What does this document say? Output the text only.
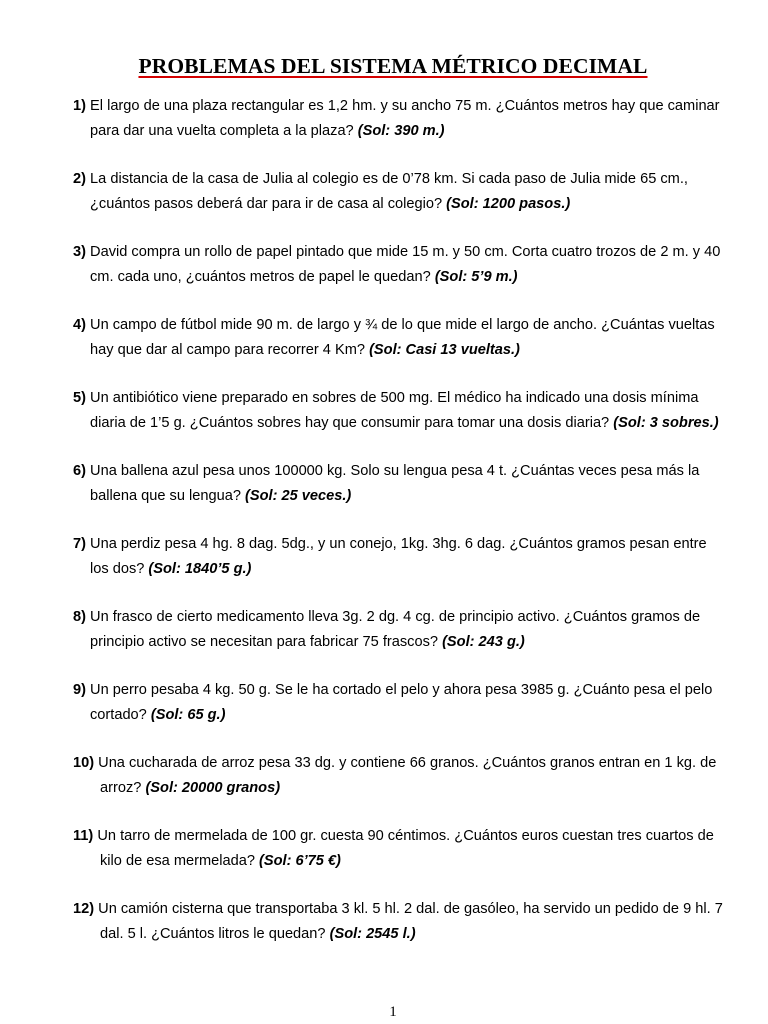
PROBLEMAS DEL SISTEMA MÉTRICO DECIMAL
1) El largo de una plaza rectangular es 1,2 hm. y su ancho 75 m. ¿Cuántos metros hay que caminar para dar una vuelta completa a la plaza? (Sol: 390 m.)
2) La distancia de la casa de Julia al colegio es de 0’78 km. Si cada paso de Julia mide 65 cm., ¿cuántos pasos deberá dar para ir de casa al colegio? (Sol: 1200 pasos.)
3) David compra un rollo de papel pintado que mide 15 m. y 50 cm. Corta cuatro trozos de 2 m. y 40 cm. cada uno, ¿cuántos metros de papel le quedan? (Sol: 5’9 m.)
4) Un campo de fútbol mide 90 m. de largo y ¾ de lo que mide el largo de ancho. ¿Cuántas vueltas hay que dar al campo para recorrer 4 Km? (Sol: Casi 13 vueltas.)
5) Un antibiótico viene preparado en sobres de 500 mg. El médico ha indicado una dosis mínima diaria de 1’5 g. ¿Cuántos sobres hay que consumir para tomar una dosis diaria? (Sol: 3 sobres.)
6) Una ballena azul pesa unos 100000 kg. Solo su lengua pesa 4 t. ¿Cuántas veces pesa más la ballena que su lengua? (Sol: 25 veces.)
7) Una perdiz pesa 4 hg. 8 dag. 5dg., y un conejo, 1kg. 3hg. 6 dag. ¿Cuántos gramos pesan entre los dos? (Sol: 1840’5 g.)
8) Un frasco de cierto medicamento lleva 3g. 2 dg. 4 cg. de principio activo. ¿Cuántos gramos de principio activo se necesitan para fabricar 75 frascos? (Sol: 243 g.)
9) Un perro pesaba 4 kg. 50 g. Se le ha cortado el pelo y ahora pesa 3985 g. ¿Cuánto pesa el pelo cortado? (Sol: 65 g.)
10) Una cucharada de arroz pesa 33 dg. y contiene 66 granos. ¿Cuántos granos entran en 1 kg. de arroz? (Sol: 20000 granos)
11) Un tarro de mermelada de 100 gr. cuesta 90 céntimos. ¿Cuántos euros cuestan tres cuartos de kilo de esa mermelada? (Sol: 6’75 €)
12) Un camión cisterna que transportaba 3 kl. 5 hl. 2 dal. de gasóleo, ha servido un pedido de 9 hl. 7 dal. 5 l. ¿Cuántos litros le quedan? (Sol: 2545 l.)
1
